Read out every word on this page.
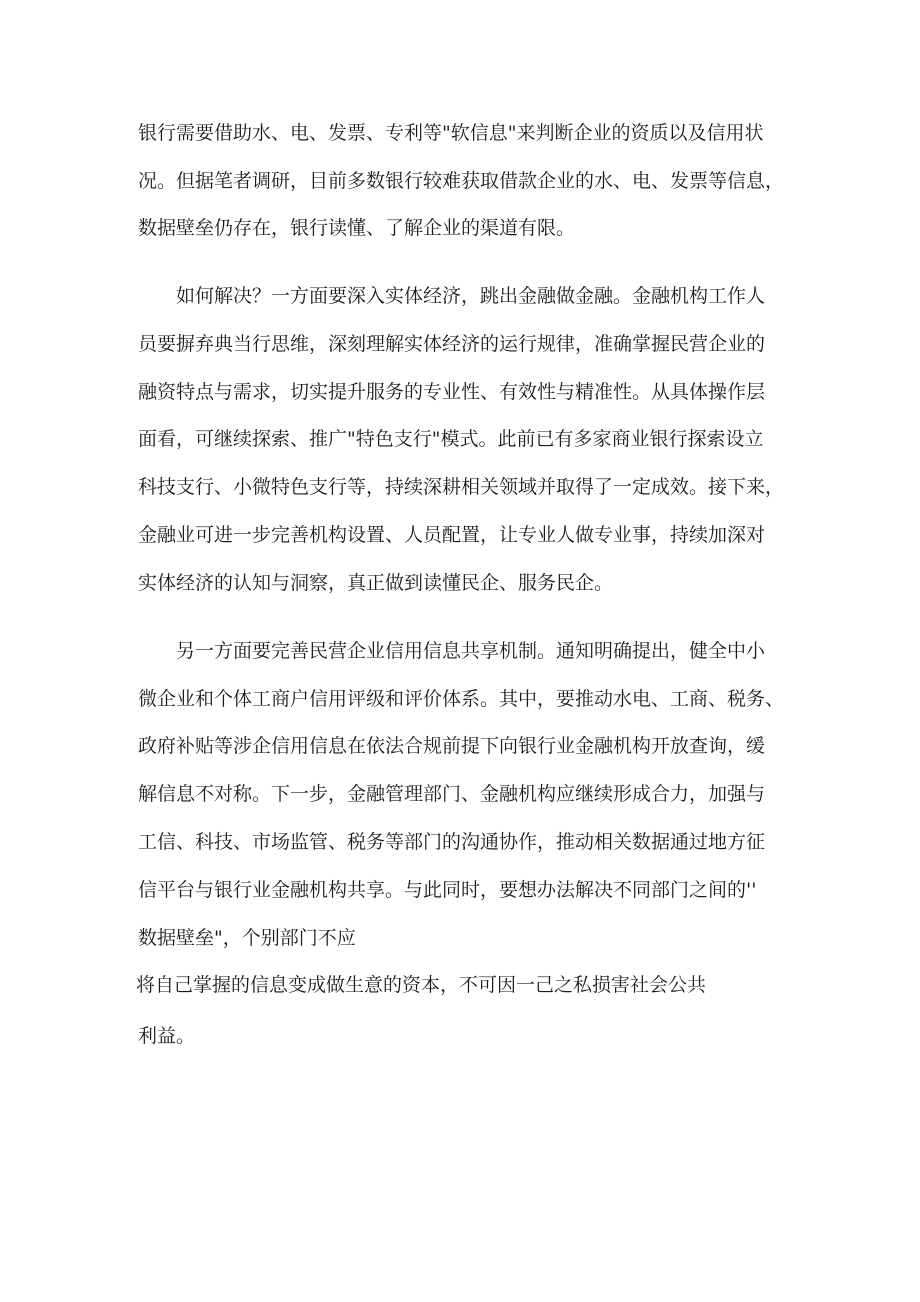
银行需要借助水、电、发票、专利等"软信息"来判断企业的资质以及信用状

况。但据笔者调研，目前多数银行较难获取借款企业的水、电、发票等信息，

数据壁垒仍存在，银行读懂、了解企业的渠道有限。

如何解决？一方面要深入实体经济，跳出金融做金融。金融机构工作人

员要摒弃典当行思维，深刻理解实体经济的运行规律，准确掌握民营企业的

融资特点与需求，切实提升服务的专业性、有效性与精准性。从具体操作层

面看，可继续探索、推广"特色支行"模式。此前已有多家商业银行探索设立

科技支行、小微特色支行等，持续深耕相关领域并取得了一定成效。接下来，

金融业可进一步完善机构设置、人员配置，让专业人做专业事，持续加深对

实体经济的认知与洞察，真正做到读懂民企、服务民企。

另一方面要完善民营企业信用信息共享机制。通知明确提出，健全中小

微企业和个体工商户信用评级和评价体系。其中，要推动水电、工商、税务、

政府补贴等涉企信用信息在依法合规前提下向银行业金融机构开放查询，缓

解信息不对称。下一步，金融管理部门、金融机构应继续形成合力，加强与

工信、科技、市场监管、税务等部门的沟通协作，推动相关数据通过地方征

信平台与银行业金融机构共享。与此同时，要想办法解决不同部门之间的''

数据壁垒"，个别部门不应

将自己掌握的信息变成做生意的资本，不可因一己之私损害社会公共

利益。
